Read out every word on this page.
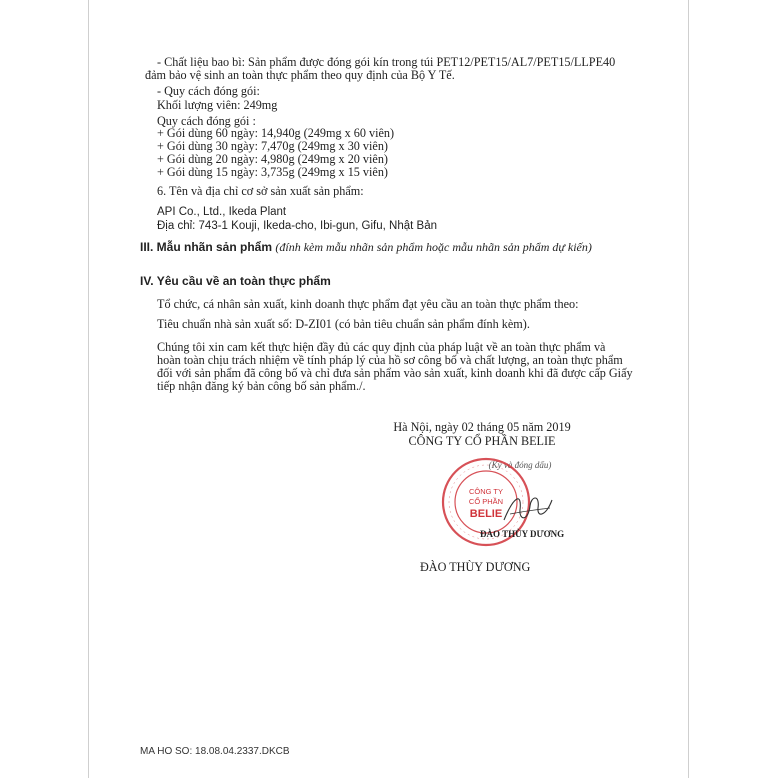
- Chất liệu bao bì: Sản phẩm được đóng gói kín trong túi PET12/PET15/AL7/PET15/LLPE40
đảm bảo vệ sinh an toàn thực phẩm theo quy định của Bộ Y Tế.
- Quy cách đóng gói:
Khối lượng viên: 249mg
Quy cách đóng gói :
+ Gói dùng 60 ngày: 14,940g (249mg x 60 viên)
+ Gói dùng 30 ngày: 7,470g (249mg x 30 viên)
+ Gói dùng 20 ngày: 4,980g (249mg x 20 viên)
+ Gói dùng 15 ngày: 3,735g (249mg x 15 viên)
6. Tên và địa chỉ cơ sở sản xuất sản phẩm:
API Co., Ltd., Ikeda Plant
Địa chỉ: 743-1 Kouji, Ikeda-cho, Ibi-gun, Gifu, Nhật Bản
III. Mẫu nhãn sản phẩm (đính kèm mẫu nhãn sản phẩm hoặc mẫu nhãn sản phẩm dự kiến)
IV. Yêu cầu về an toàn thực phẩm
Tổ chức, cá nhân sản xuất, kinh doanh thực phẩm đạt yêu cầu an toàn thực phẩm theo:
Tiêu chuẩn nhà sản xuất số: D-ZI01 (có bản tiêu chuẩn sản phẩm đính kèm).
Chúng tôi xin cam kết thực hiện đầy đủ các quy định của pháp luật về an toàn thực phẩm và
hoàn toàn chịu trách nhiệm về tính pháp lý của hồ sơ công bố và chất lượng, an toàn thực phẩm
đối với sản phẩm đã công bố và chỉ đưa sản phẩm vào sản xuất, kinh doanh khi đã được cấp Giấy
tiếp nhận đăng ký bản công bố sản phẩm./.
Hà Nội, ngày 02 tháng 05 năm 2019
CÔNG TY CỔ PHẦN BELIE
(Ký và đóng dấu)
CÔNG TY
CỔ PHẦN
BELIE
ĐÀO THÙY DƯƠNG
ĐÀO THÙY DƯƠNG
MA HO SO: 18.08.04.2337.DKCB
